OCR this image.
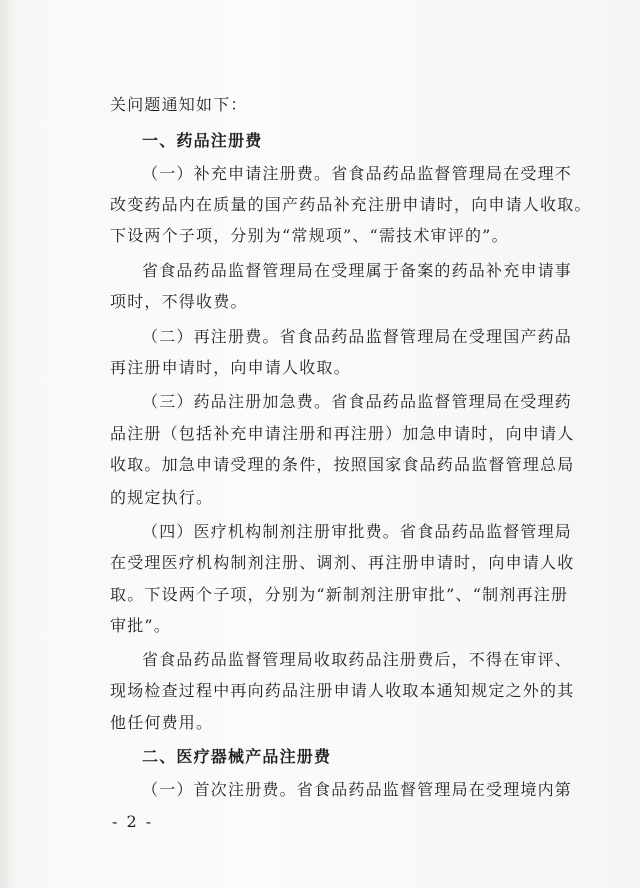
关问题通知如下：
一、药品注册费
（一）补充申请注册费。省食品药品监督管理局在受理不
改变药品内在质量的国产药品补充注册申请时，向申请人收取。
下设两个子项，分别为“常规项”、“需技术审评的”。
省食品药品监督管理局在受理属于备案的药品补充申请事
项时，不得收费。
（二）再注册费。省食品药品监督管理局在受理国产药品
再注册申请时，向申请人收取。
（三）药品注册加急费。省食品药品监督管理局在受理药
品注册（包括补充申请注册和再注册）加急申请时，向申请人
收取。加急申请受理的条件，按照国家食品药品监督管理总局
的规定执行。
（四）医疗机构制剂注册审批费。省食品药品监督管理局
在受理医疗机构制剂注册、调剂、再注册申请时，向申请人收
取。下设两个子项，分别为“新制剂注册审批”、“制剂再注册
审批”。
省食品药品监督管理局收取药品注册费后，不得在审评、
现场检查过程中再向药品注册申请人收取本通知规定之外的其
他任何费用。
二、医疗器械产品注册费
（一）首次注册费。省食品药品监督管理局在受理境内第
- 2 -
